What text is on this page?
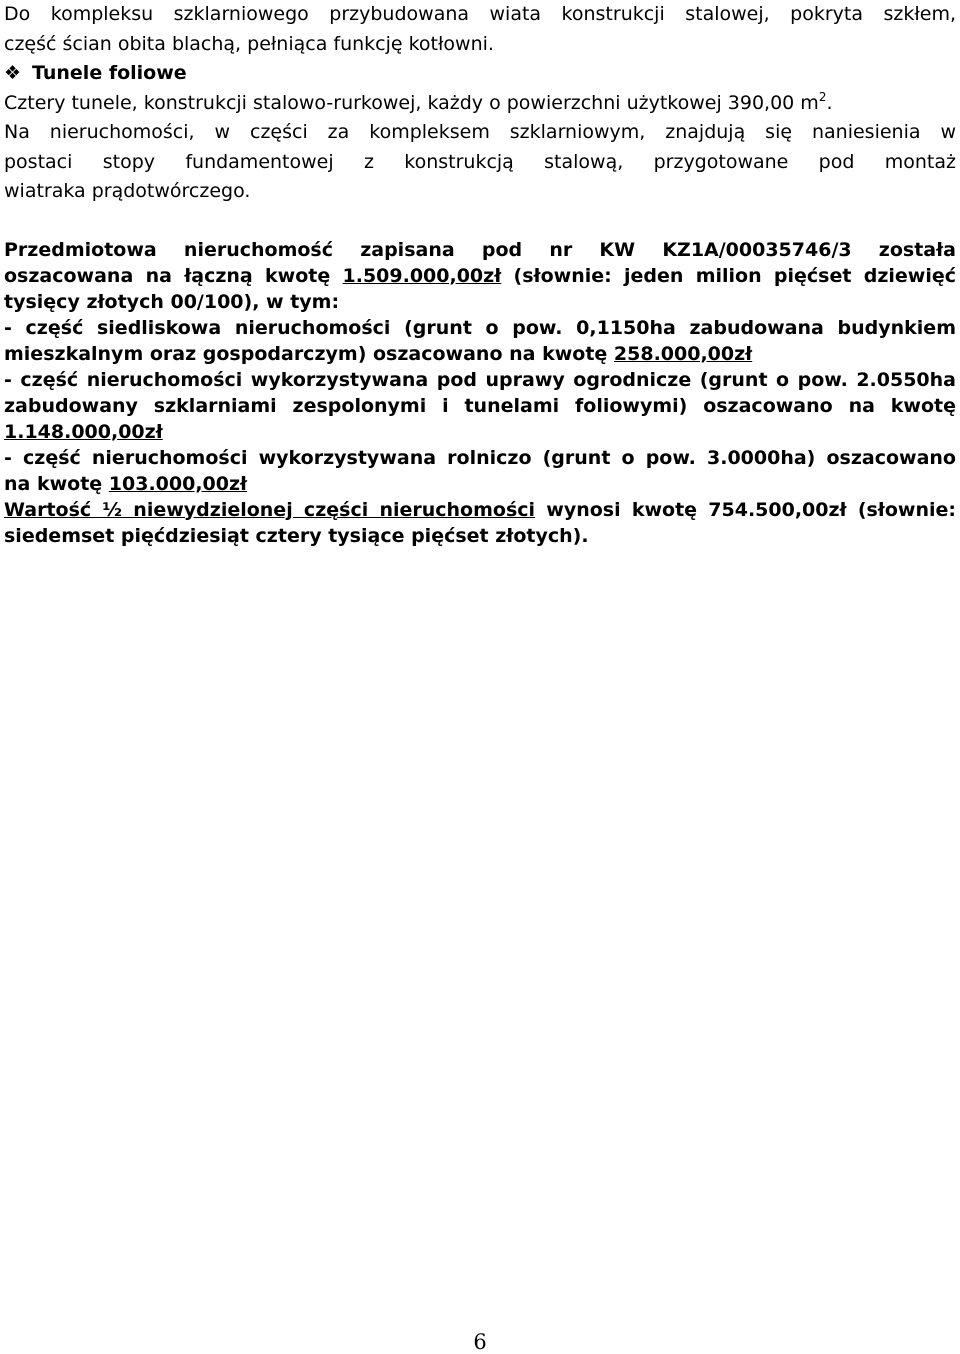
Do kompleksu szklarniowego przybudowana wiata konstrukcji stalowej, pokryta szkłem,
część ścian obita blachą, pełniąca funkcję kotłowni.

❖ Tunele foliowe

Cztery tunele, konstrukcji stalowo-rurkowej, każdy o powierzchni użytkowej 390,00 $m^2$.
Na nieruchomości, w części za kompleksem szklarniowym, znajdują się naniesienia w
postaci stopy fundamentowej z konstrukcją stalową, przygotowane pod montaż
wiatraka prądotwórczego.

Przedmiotowa nieruchomość zapisana pod nr KW KZ1A/00035746/3 została
oszacowana na łączną kwotę 1.509.000,00zł (słownie: jeden milion pięćset dziewięć
tysięcy złotych 00/100), w tym:
- część siedliskowa nieruchomości (grunt o pow. 0,1150ha zabudowana budynkiem
mieszkalnym oraz gospodarczym) oszacowano na kwotę 258.000,00zł
- część nieruchomości wykorzystywana pod uprawy ogrodnicze (grunt o pow. 2.0550ha
zabudowany szklarniami zespolonymi i tunelami foliowymi) oszacowano na kwotę
1.148.000,00zł
- część nieruchomości wykorzystywana rolniczo (grunt o pow. 3.0000ha) oszacowano
na kwotę 103.000,00zł
Wartość ½ niewydzielonej części nieruchomości wynosi kwotę 754.500,00zł (słownie:
siedemset pięćdziesiąt cztery tysiące pięćset złotych).

6
